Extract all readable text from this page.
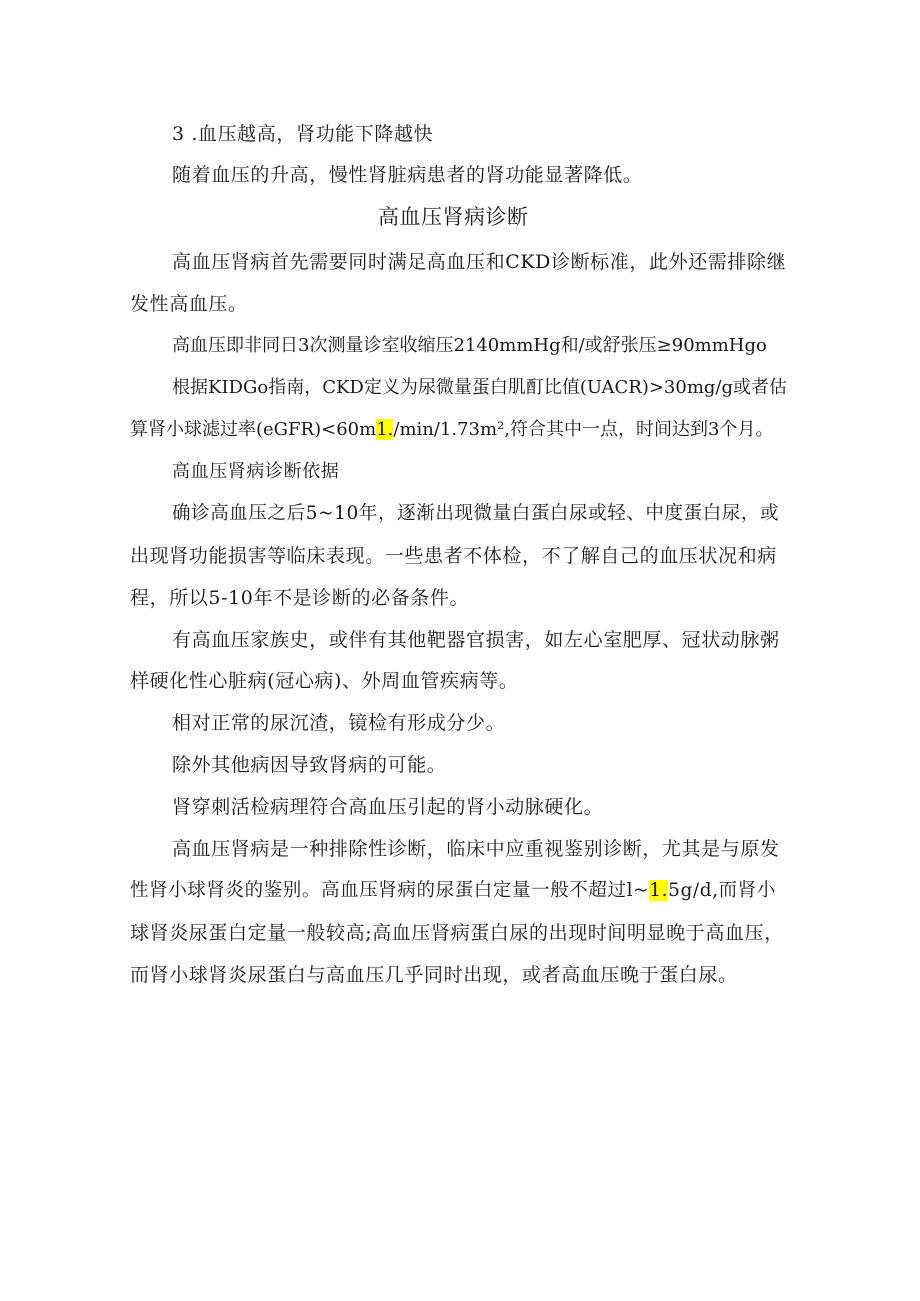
3 .血压越高，肾功能下降越快
随着血压的升高，慢性肾脏病患者的肾功能显著降低。
高血压肾病诊断
高血压肾病首先需要同时满足高血压和CKD诊断标准，此外还需排除继
发性高血压。
高血压即非同日3次测量诊室收缩压2140mmHg和/或舒张压≥90mmHgo
根据KIDGo指南，CKD定义为尿微量蛋白肌酊比值(UACR)>30mg/g或者估
算肾小球滤过率(eGFR)<60m1./min/1.73m²,符合其中一点，时间达到3个月。
高血压肾病诊断依据
确诊高血压之后5~10年，逐渐出现微量白蛋白尿或轻、中度蛋白尿，或
出现肾功能损害等临床表现。一些患者不体检，不了解自己的血压状况和病
程，所以5-10年不是诊断的必备条件。
有高血压家族史，或伴有其他靶器官损害，如左心室肥厚、冠状动脉粥
样硬化性心脏病(冠心病)、外周血管疾病等。
相对正常的尿沉渣，镜检有形成分少。
除外其他病因导致肾病的可能。
肾穿刺活检病理符合高血压引起的肾小动脉硬化。
高血压肾病是一种排除性诊断，临床中应重视鉴别诊断，尤其是与原发
性肾小球肾炎的鉴别。高血压肾病的尿蛋白定量一般不超过l~1.5g/d,而肾小
球肾炎尿蛋白定量一般较高;高血压肾病蛋白尿的出现时间明显晚于高血压，
而肾小球肾炎尿蛋白与高血压几乎同时出现，或者高血压晚于蛋白尿。
